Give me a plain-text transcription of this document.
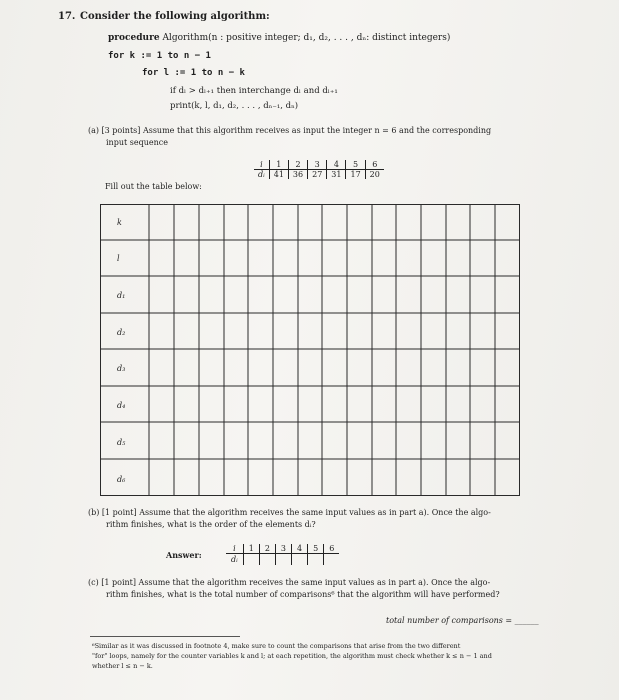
17. Consider the following algorithm:
procedure Algorithm(n : positive integer; d₁, d₂, . . . , dₙ: distinct integers)
for k := 1 to n − 1
for l := 1 to n − k
if dₗ > dₗ₊₁ then interchange dₗ and dₗ₊₁
print(k, l, d₁, d₂, . . . , dₙ₋₁, dₙ)
(a) [3 points] Assume that this algorithm receives as input the integer n = 6 and the corresponding
input sequence
i	1	2	3	4	5	6
dᵢ	41	36	27	31	17	20
Fill out the table below:
k
l
d₁
d₂
d₃
d₄
d₅
d₆
(b) [1 point] Assume that the algorithm receives the same input values as in part a). Once the algo-
rithm finishes, what is the order of the elements dᵢ?
Answer:
i	1	2	3	4	5	6
dᵢ						
(c) [1 point] Assume that the algorithm receives the same input values as in part a). Once the algo-
rithm finishes, what is the total number of comparisons⁶ that the algorithm will have performed?
total number of comparisons = ______
⁶Similar as it was discussed in footnote 4, make sure to count the comparisons that arise from the two different
"for" loops, namely for the counter variables k and l; at each repetition, the algorithm must check whether k ≤ n − 1 and
whether l ≤ n − k.
